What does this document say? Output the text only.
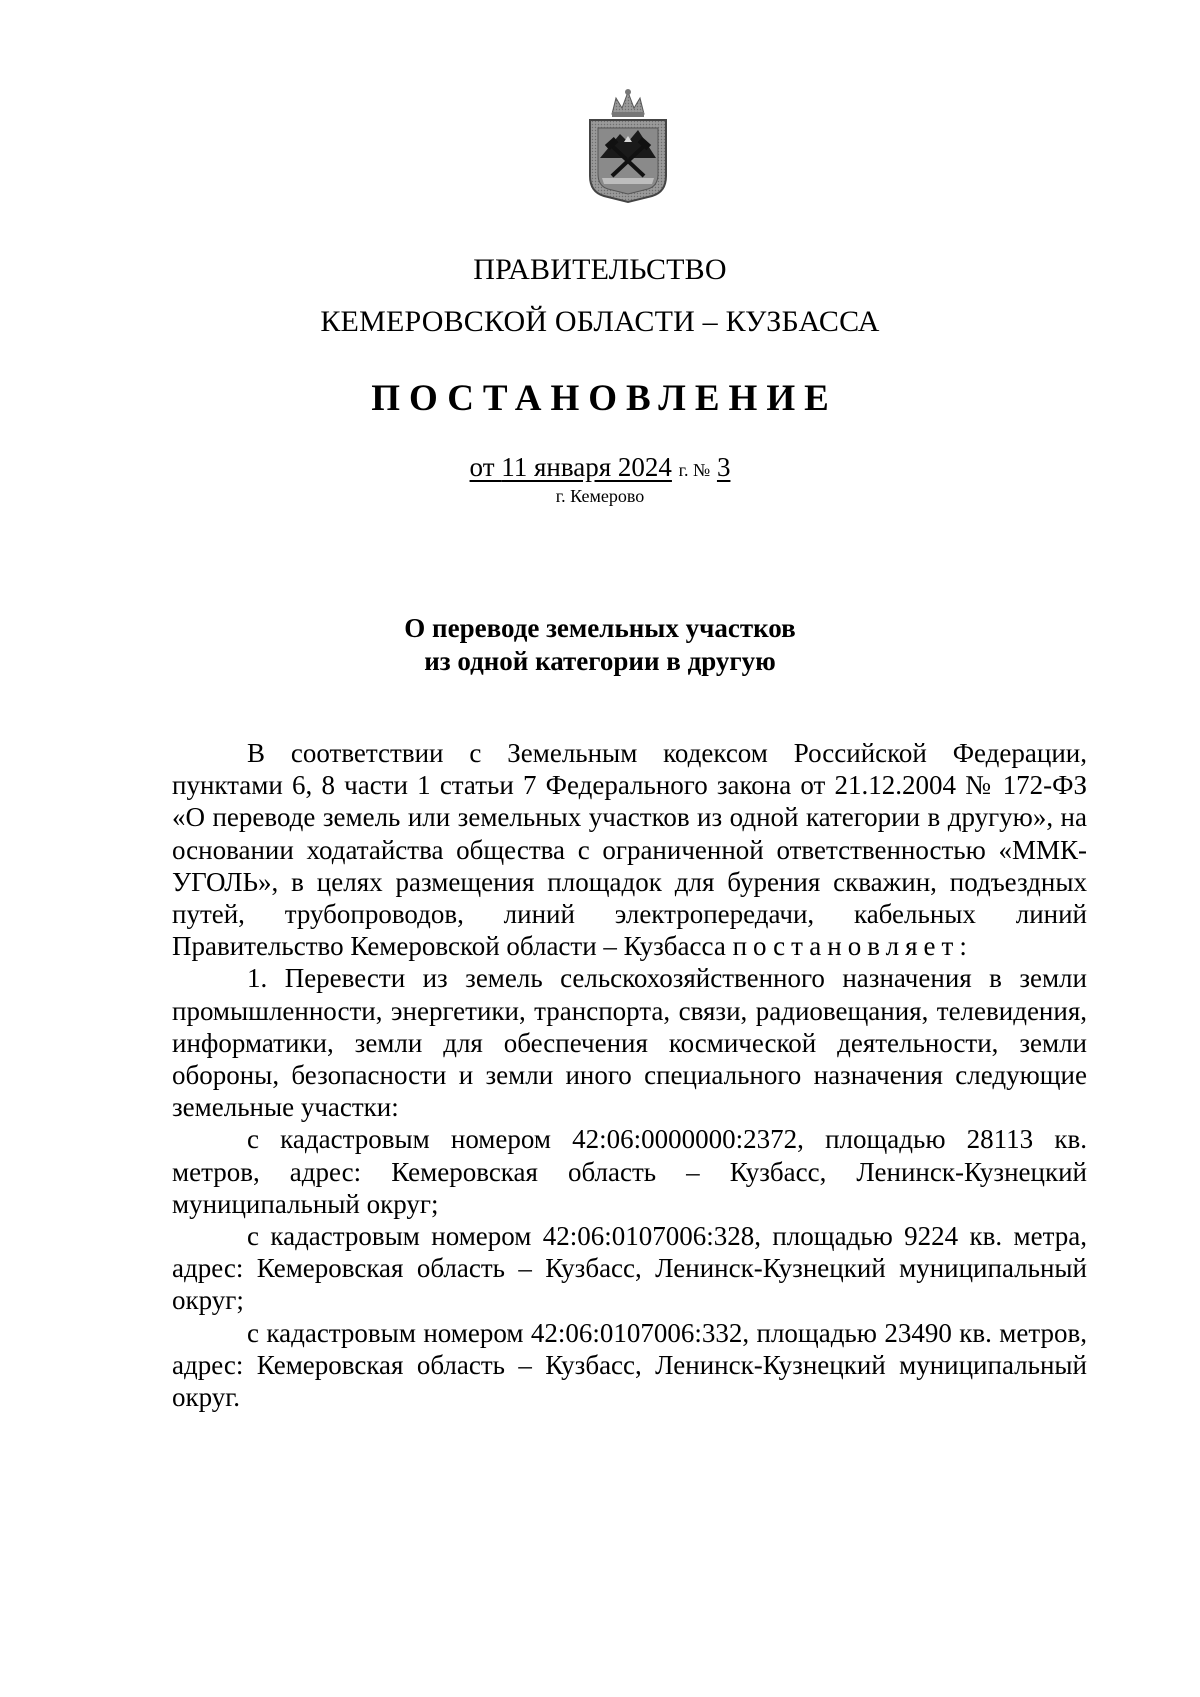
ПРАВИТЕЛЬСТВО
КЕМЕРОВСКОЙ ОБЛАСТИ – КУЗБАССА
ПОСТАНОВЛЕНИЕ
от 11 января 2024 г. № 3
г. Кемерово
О переводе земельных участков
из одной категории в другую

В соответствии с Земельным кодексом Российской Федерации, пунктами 6, 8 части 1 статьи 7 Федерального закона от 21.12.2004 № 172-ФЗ «О переводе земель или земельных участков из одной категории в другую», на основании ходатайства общества с ограниченной ответственностью «ММК-УГОЛЬ», в целях размещения площадок для бурения скважин, подъездных путей, трубопроводов, линий электропередачи, кабельных линий Правительство Кемеровской области – Кузбасса постановляет:

1. Перевести из земель сельскохозяйственного назначения в земли промышленности, энергетики, транспорта, связи, радиовещания, телевидения, информатики, земли для обеспечения космической деятельности, земли обороны, безопасности и земли иного специального назначения следующие земельные участки:

с кадастровым номером 42:06:0000000:2372, площадью 28113 кв. метров, адрес: Кемеровская область – Кузбасс, Ленинск-Кузнецкий муниципальный округ;

с кадастровым номером 42:06:0107006:328, площадью 9224 кв. метра, адрес: Кемеровская область – Кузбасс, Ленинск-Кузнецкий муниципальный округ;

с кадастровым номером 42:06:0107006:332, площадью 23490 кв. метров, адрес: Кемеровская область – Кузбасс, Ленинск-Кузнецкий муниципальный округ.
